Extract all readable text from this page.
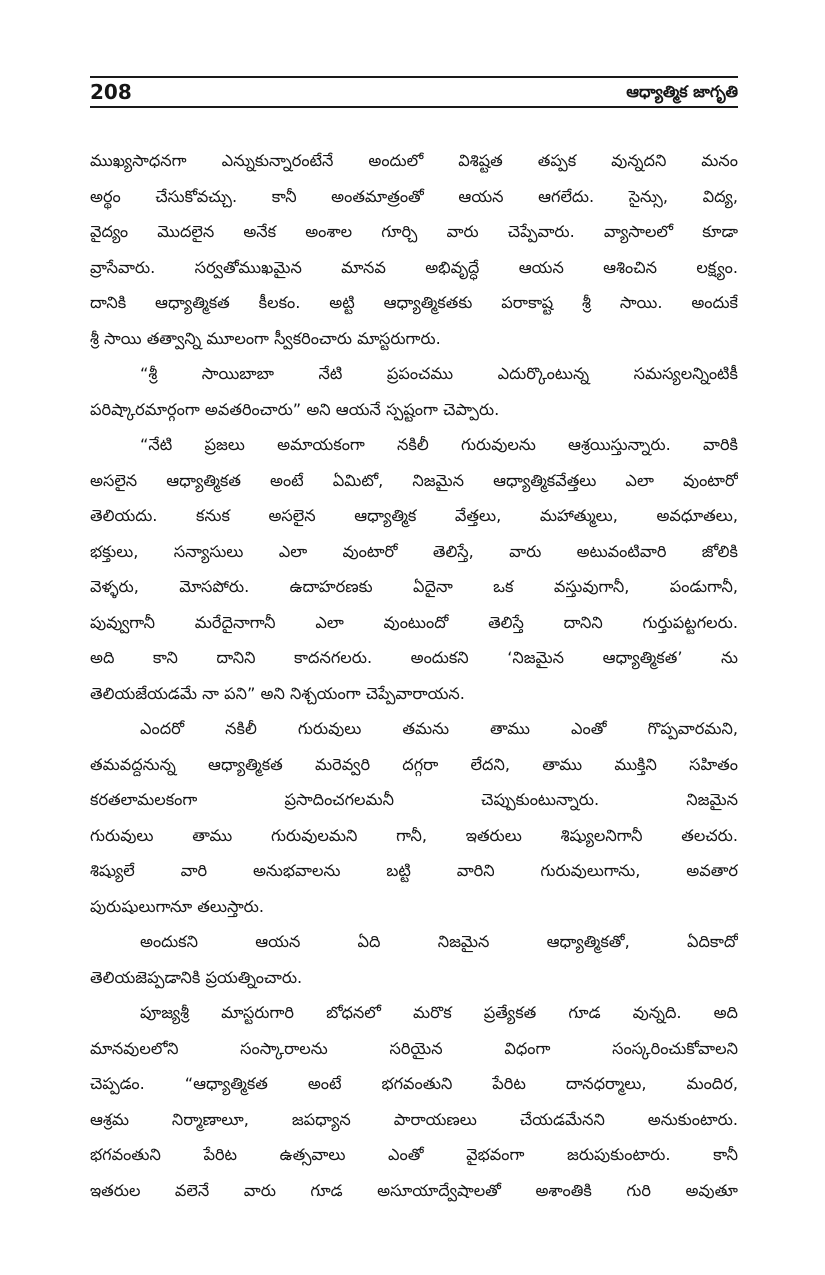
208	ఆధ్యాత్మిక జాగృతి
ముఖ్యసాధనగా ఎన్నుకున్నారంటేనే అందులో విశిష్టత తప్పక వున్నదని మనం
అర్థం చేసుకోవచ్చు. కానీ అంతమాత్రంతో ఆయన ఆగలేదు. సైన్సు, విద్య,
వైద్యం మొదలైన అనేక అంశాల గూర్చి వారు చెప్పేవారు. వ్యాసాలలో కూడా
వ్రాసేవారు. సర్వతోముఖమైన మానవ అభివృద్ధే ఆయన ఆశించిన లక్ష్యం.
దానికి ఆధ్యాత్మికత కీలకం. అట్టి ఆధ్యాత్మికతకు పరాకాష్ట శ్రీ సాయి. అందుకే
శ్రీ సాయి తత్వాన్ని మూలంగా స్వీకరించారు మాస్టరుగారు.
“శ్రీ సాయిబాబా నేటి ప్రపంచము ఎదుర్కొంటున్న సమస్యలన్నింటికీ
పరిష్కారమార్గంగా అవతరించారు” అని ఆయనే స్పష్టంగా చెప్పారు.
“నేటి ప్రజలు అమాయకంగా నకిలీ గురువులను ఆశ్రయిస్తున్నారు. వారికి
అసలైన ఆధ్యాత్మికత అంటే ఏమిటో, నిజమైన ఆధ్యాత్మికవేత్తలు ఎలా వుంటారో
తెలియదు. కనుక అసలైన ఆధ్యాత్మిక వేత్తలు, మహాత్ములు, అవధూతలు,
భక్తులు, సన్యాసులు ఎలా వుంటారో తెలిస్తే, వారు అటువంటివారి జోలికి
వెళ్ళరు, మోసపోరు. ఉదాహరణకు ఏదైనా ఒక వస్తువుగానీ, పండుగానీ,
పువ్వుగానీ మరేదైనాగానీ ఎలా వుంటుందో తెలిస్తే దానిని గుర్తుపట్టగలరు.
అది కాని దానిని కాదనగలరు. అందుకని ‘నిజమైన ఆధ్యాత్మికత’ ను
తెలియజేయడమే నా పని” అని నిశ్చయంగా చెప్పేవారాయన.
ఎందరో నకిలీ గురువులు తమను తాము ఎంతో గొప్పవారమని,
తమవద్దనున్న ఆధ్యాత్మికత మరెవ్వరి దగ్గరా లేదని, తాము ముక్తిని సహితం
కరతలామలకంగా ప్రసాదించగలమనీ చెప్పుకుంటున్నారు. నిజమైన
గురువులు తాము గురువులమని గానీ, ఇతరులు శిష్యులనిగానీ తలచరు.
శిష్యులే వారి అనుభవాలను బట్టి వారిని గురువులుగాను, అవతార
పురుషులుగానూ తలుస్తారు.
అందుకని ఆయన ఏది నిజమైన ఆధ్యాత్మికతో, ఏదికాదో
తెలియజెప్పడానికి ప్రయత్నించారు.
పూజ్యశ్రీ మాస్టరుగారి బోధనలో మరొక ప్రత్యేకత గూడ వున్నది. అది
మానవులలోని సంస్కారాలను సరియైన విధంగా సంస్కరించుకోవాలని
చెప్పడం. “ఆధ్యాత్మికత అంటే భగవంతుని పేరిట దానధర్మాలు, మందిర,
ఆశ్రమ నిర్మాణాలూ, జపధ్యాన పారాయణలు చేయడమేనని అనుకుంటారు.
భగవంతుని పేరిట ఉత్సవాలు ఎంతో వైభవంగా జరుపుకుంటారు. కానీ
ఇతరుల వలెనే వారు గూడ అసూయాద్వేషాలతో అశాంతికి గురి అవుతూ
